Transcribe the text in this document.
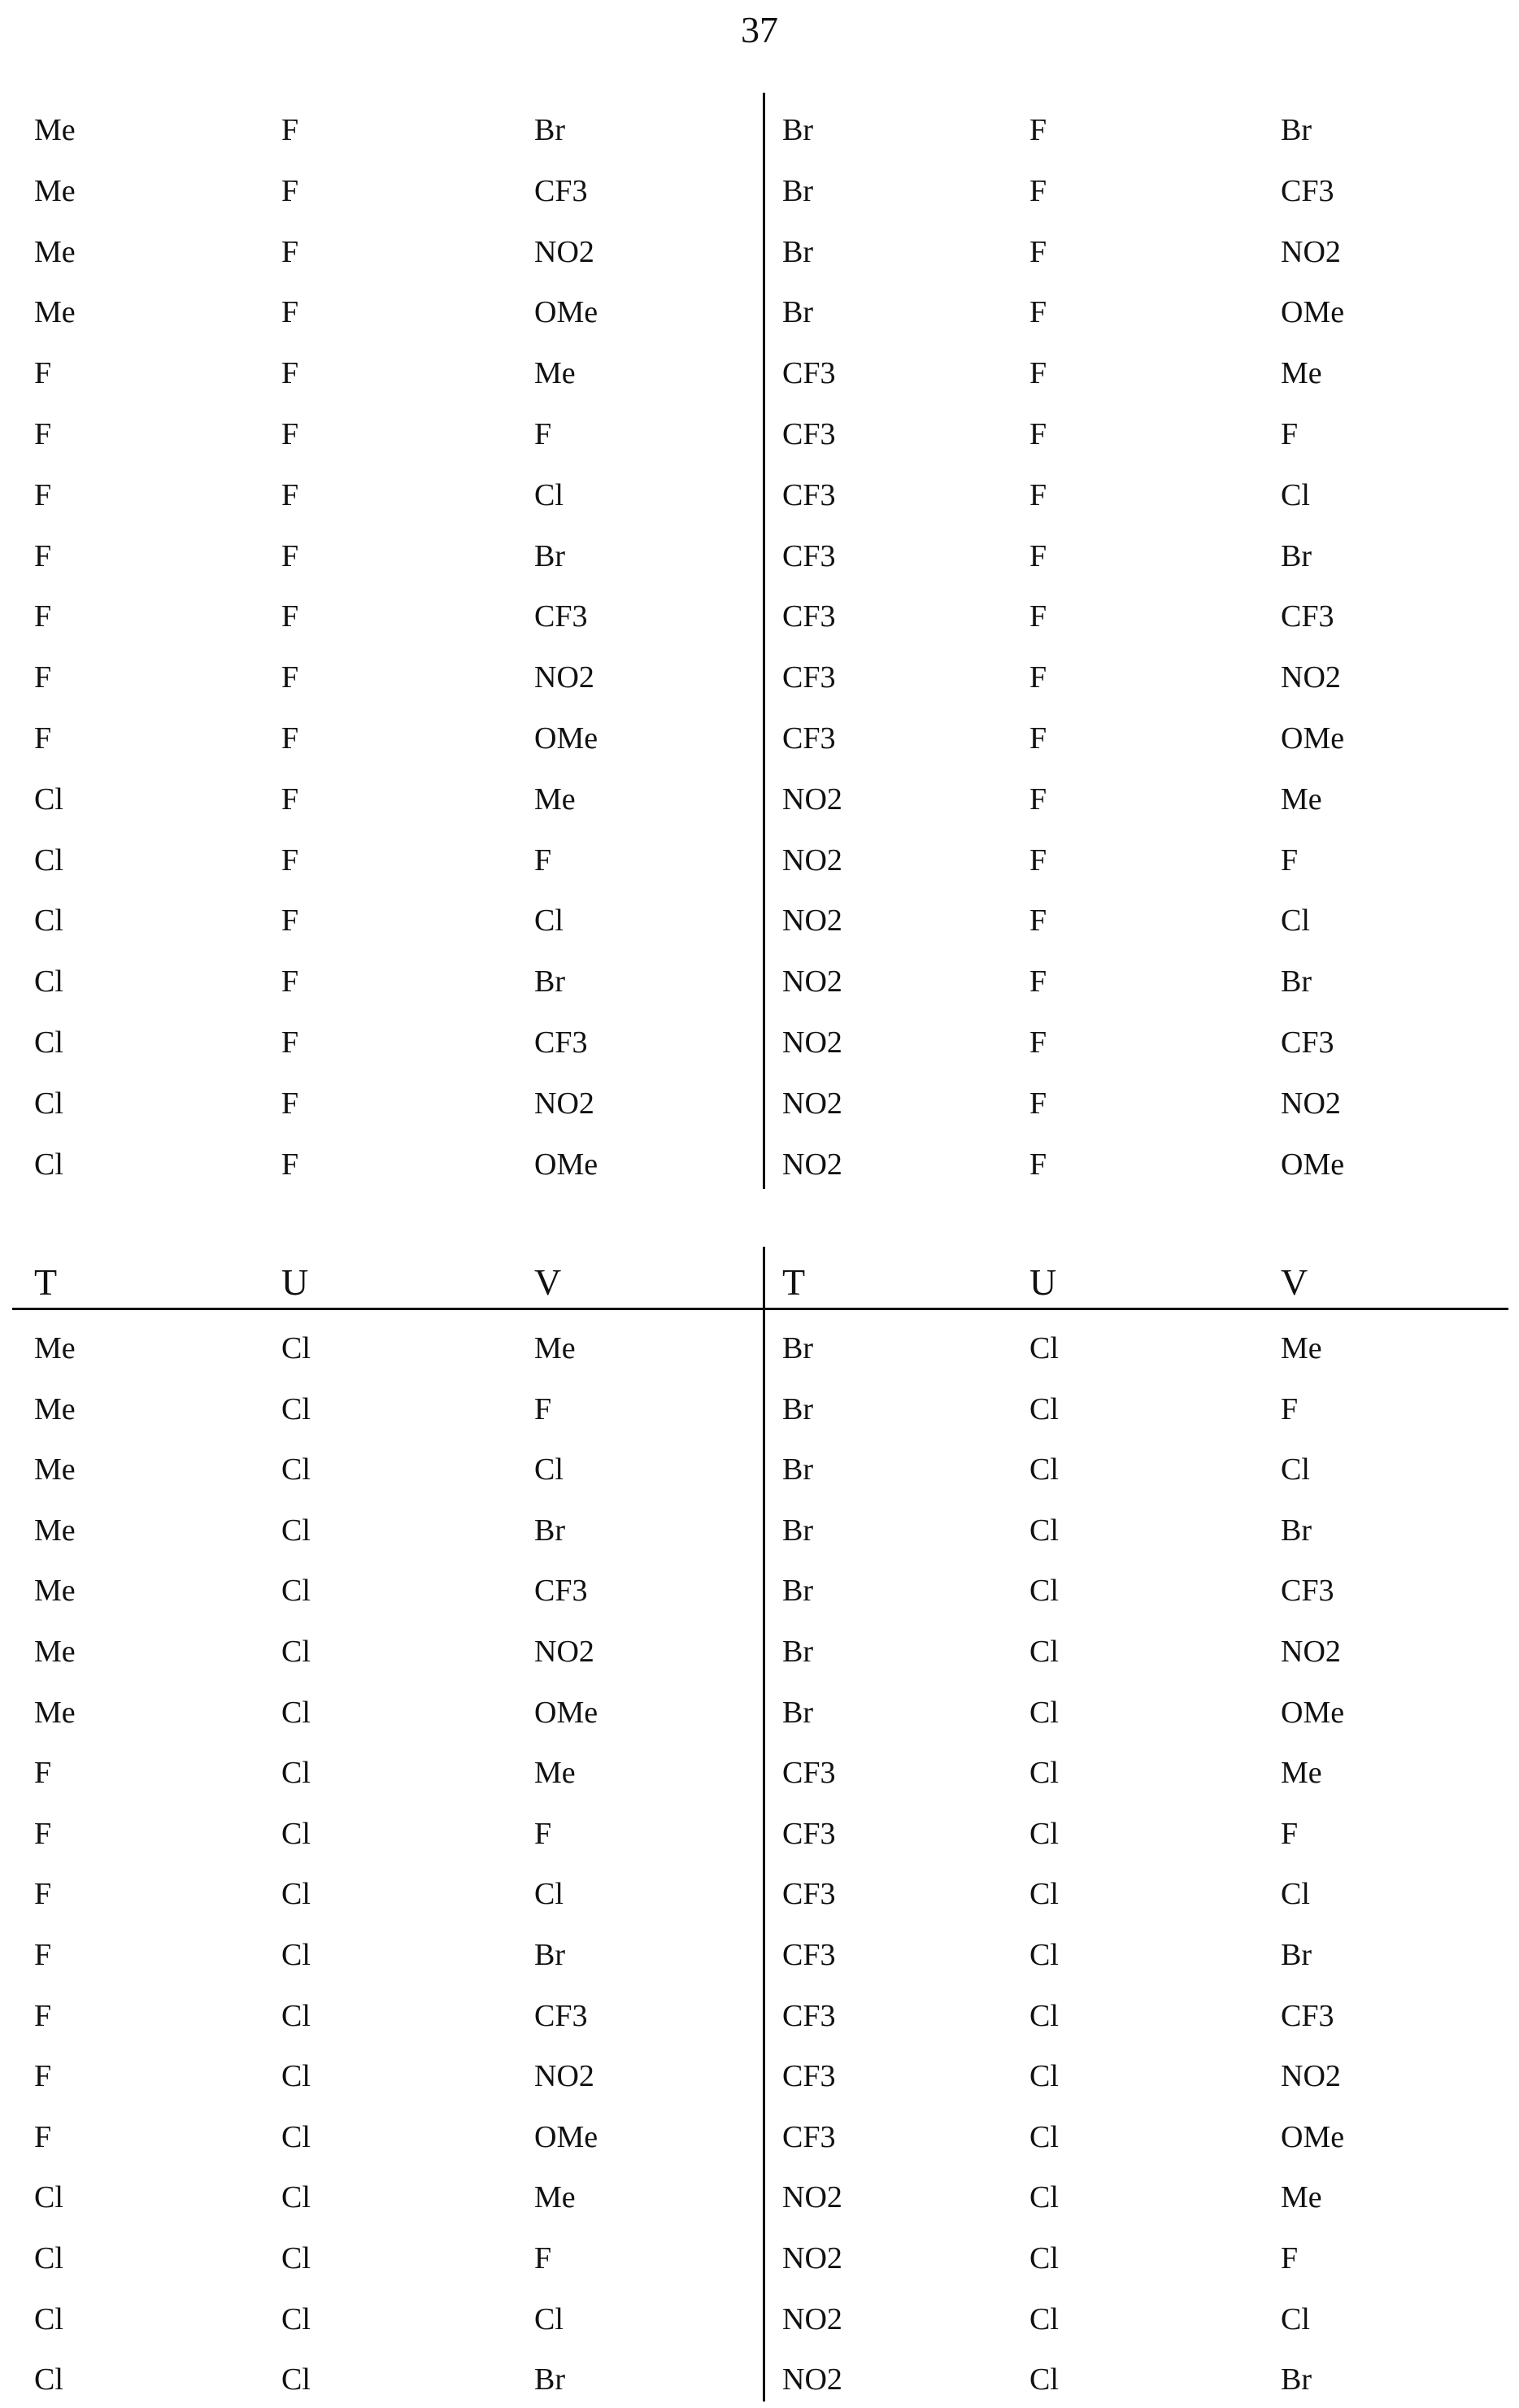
37
Me	F	Br	Br	F	Br
Me	F	CF3	Br	F	CF3
Me	F	NO2	Br	F	NO2
Me	F	OMe	Br	F	OMe
F	F	Me	CF3	F	Me
F	F	F	CF3	F	F
F	F	Cl	CF3	F	Cl
F	F	Br	CF3	F	Br
F	F	CF3	CF3	F	CF3
F	F	NO2	CF3	F	NO2
F	F	OMe	CF3	F	OMe
Cl	F	Me	NO2	F	Me
Cl	F	F	NO2	F	F
Cl	F	Cl	NO2	F	Cl
Cl	F	Br	NO2	F	Br
Cl	F	CF3	NO2	F	CF3
Cl	F	NO2	NO2	F	NO2
Cl	F	OMe	NO2	F	OMe
T	U	V	T	U	V
Me	Cl	Me	Br	Cl	Me
Me	Cl	F	Br	Cl	F
Me	Cl	Cl	Br	Cl	Cl
Me	Cl	Br	Br	Cl	Br
Me	Cl	CF3	Br	Cl	CF3
Me	Cl	NO2	Br	Cl	NO2
Me	Cl	OMe	Br	Cl	OMe
F	Cl	Me	CF3	Cl	Me
F	Cl	F	CF3	Cl	F
F	Cl	Cl	CF3	Cl	Cl
F	Cl	Br	CF3	Cl	Br
F	Cl	CF3	CF3	Cl	CF3
F	Cl	NO2	CF3	Cl	NO2
F	Cl	OMe	CF3	Cl	OMe
Cl	Cl	Me	NO2	Cl	Me
Cl	Cl	F	NO2	Cl	F
Cl	Cl	Cl	NO2	Cl	Cl
Cl	Cl	Br	NO2	Cl	Br
